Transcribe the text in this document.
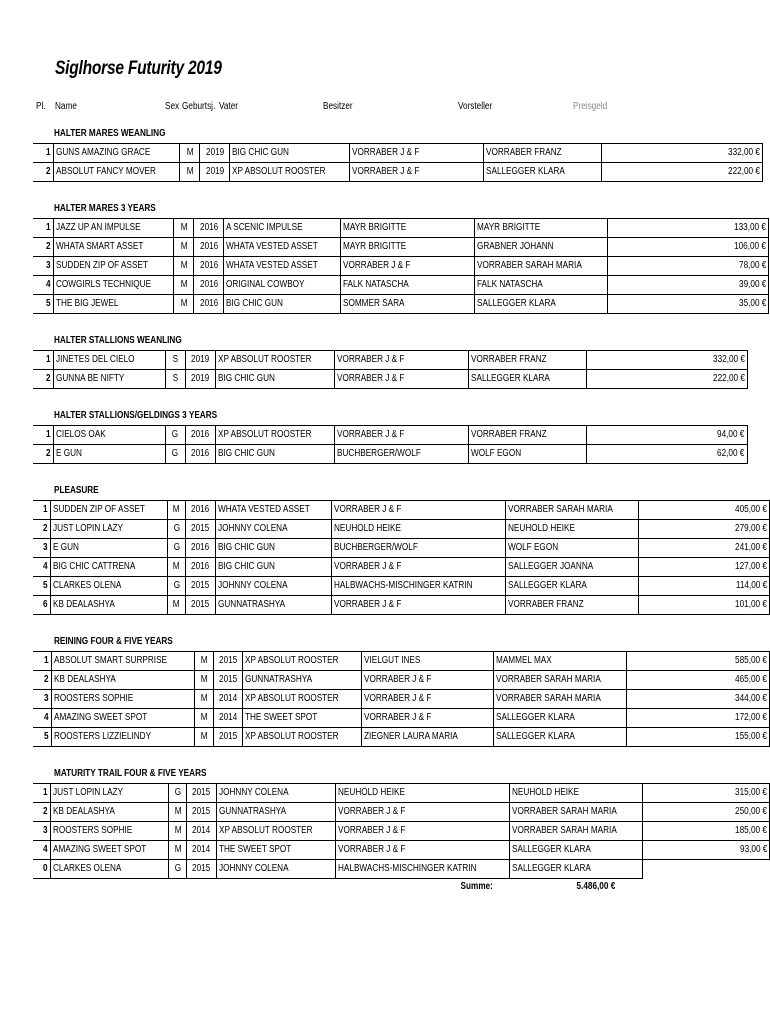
Siglhorse Futurity 2019
Pl. Name	Sex Geburtsj. Vater	Besitzer	Vorsteller	Preisgeld
HALTER MARES WEANLING
1	GUNS AMAZING GRACE	M	2019	BIG CHIC GUN	VORRABER J & F	VORRABER FRANZ	332,00 €
2	ABSOLUT FANCY MOVER	M	2019	XP ABSOLUT ROOSTER	VORRABER J & F	SALLEGGER KLARA	222,00 €
HALTER MARES 3 YEARS
1	JAZZ UP AN IMPULSE	M	2016	A SCENIC IMPULSE	MAYR BRIGITTE	MAYR BRIGITTE	133,00 €
2	WHATA SMART ASSET	M	2016	WHATA VESTED ASSET	MAYR BRIGITTE	GRABNER JOHANN	106,00 €
3	SUDDEN ZIP OF ASSET	M	2016	WHATA VESTED ASSET	VORRABER J & F	VORRABER SARAH MARIA	78,00 €
4	COWGIRLS TECHNIQUE	M	2016	ORIGINAL COWBOY	FALK NATASCHA	FALK NATASCHA	39,00 €
5	THE BIG JEWEL	M	2016	BIG CHIC GUN	SOMMER SARA	SALLEGGER KLARA	35,00 €
HALTER STALLIONS WEANLING
1	JINETES DEL CIELO	S	2019	XP ABSOLUT ROOSTER	VORRABER J & F	VORRABER FRANZ	332,00 €
2	GUNNA BE NIFTY	S	2019	BIG CHIC GUN	VORRABER J & F	SALLEGGER KLARA	222,00 €
HALTER STALLIONS/GELDINGS 3 YEARS
1	CIELOS OAK	G	2016	XP ABSOLUT ROOSTER	VORRABER J & F	VORRABER FRANZ	94,00 €
2	E GUN	G	2016	BIG CHIC GUN	BUCHBERGER/WOLF	WOLF EGON	62,00 €
PLEASURE
1	SUDDEN ZIP OF ASSET	M	2016	WHATA VESTED ASSET	VORRABER J & F	VORRABER SARAH MARIA	405,00 €
2	JUST LOPIN LAZY	G	2015	JOHNNY COLENA	NEUHOLD HEIKE	NEUHOLD HEIKE	279,00 €
3	E GUN	G	2016	BIG CHIC GUN	BUCHBERGER/WOLF	WOLF EGON	241,00 €
4	BIG CHIC CATTRENA	M	2016	BIG CHIC GUN	VORRABER J & F	SALLEGGER JOANNA	127,00 €
5	CLARKES OLENA	G	2015	JOHNNY COLENA	HALBWACHS-MISCHINGER KATRIN	SALLEGGER KLARA	114,00 €
6	KB DEALASHYA	M	2015	GUNNATRASHYA	VORRABER J & F	VORRABER FRANZ	101,00 €
REINING FOUR & FIVE YEARS
1	ABSOLUT SMART SURPRISE	M	2015	XP ABSOLUT ROOSTER	VIELGUT INES	MAMMEL MAX	585,00 €
2	KB DEALASHYA	M	2015	GUNNATRASHYA	VORRABER J & F	VORRABER SARAH MARIA	465,00 €
3	ROOSTERS SOPHIE	M	2014	XP ABSOLUT ROOSTER	VORRABER J & F	VORRABER SARAH MARIA	344,00 €
4	AMAZING SWEET SPOT	M	2014	THE SWEET SPOT	VORRABER J & F	SALLEGGER KLARA	172,00 €
5	ROOSTERS LIZZIELINDY	M	2015	XP ABSOLUT ROOSTER	ZIEGNER LAURA MARIA	SALLEGGER KLARA	155,00 €
MATURITY TRAIL FOUR & FIVE YEARS
1	JUST LOPIN LAZY	G	2015	JOHNNY COLENA	NEUHOLD HEIKE	NEUHOLD HEIKE	315,00 €
2	KB DEALASHYA	M	2015	GUNNATRASHYA	VORRABER J & F	VORRABER SARAH MARIA	250,00 €
3	ROOSTERS SOPHIE	M	2014	XP ABSOLUT ROOSTER	VORRABER J & F	VORRABER SARAH MARIA	185,00 €
4	AMAZING SWEET SPOT	M	2014	THE SWEET SPOT	VORRABER J & F	SALLEGGER KLARA	93,00 €
0	CLARKES OLENA	G	2015	JOHNNY COLENA	HALBWACHS-MISCHINGER KATRIN	SALLEGGER KLARA	
Summe:	5.486,00 €
